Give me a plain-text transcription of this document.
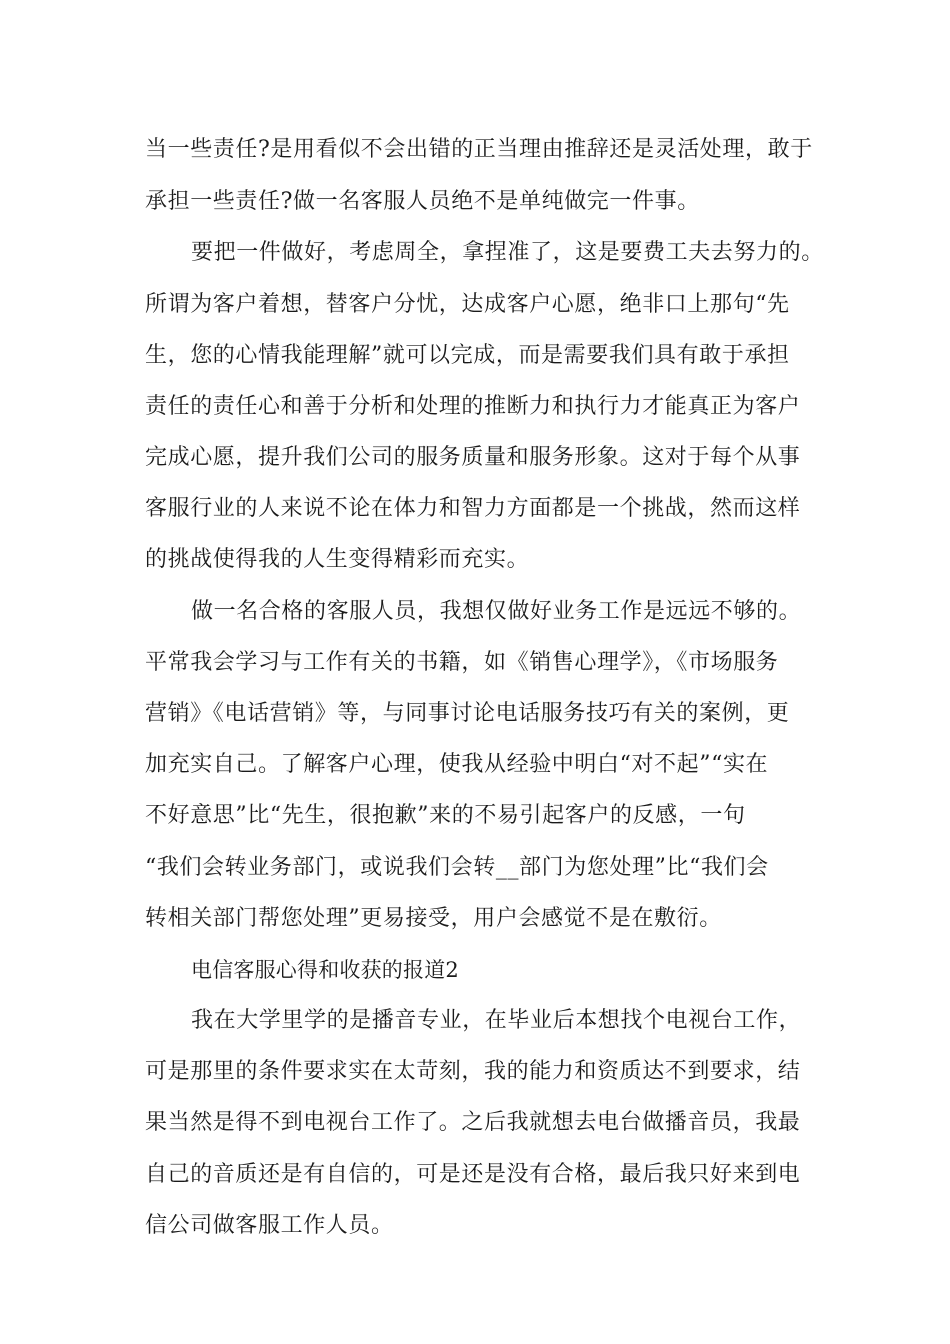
当一些责任?是用看似不会出错的正当理由推辞还是灵活处理，敢于

承担一些责任?做一名客服人员绝不是单纯做完一件事。

要把一件做好，考虑周全，拿捏准了，这是要费工夫去努力的。

所谓为客户着想，替客户分忧，达成客户心愿，绝非口上那句“先

生，您的心情我能理解”就可以完成，而是需要我们具有敢于承担

责任的责任心和善于分析和处理的推断力和执行力才能真正为客户

完成心愿，提升我们公司的服务质量和服务形象。这对于每个从事

客服行业的人来说不论在体力和智力方面都是一个挑战，然而这样

的挑战使得我的人生变得精彩而充实。

做一名合格的客服人员，我想仅做好业务工作是远远不够的。

平常我会学习与工作有关的书籍，如《销售心理学》，《市场服务

营销》《电话营销》等，与同事讨论电话服务技巧有关的案例，更

加充实自己。了解客户心理，使我从经验中明白“对不起”“实在

不好意思”比“先生，很抱歉”来的不易引起客户的反感，一句

“我们会转业务部门，或说我们会转__部门为您处理”比“我们会

转相关部门帮您处理”更易接受，用户会感觉不是在敷衍。

电信客服心得和收获的报道2

我在大学里学的是播音专业，在毕业后本想找个电视台工作，

可是那里的条件要求实在太苛刻，我的能力和资质达不到要求，结

果当然是得不到电视台工作了。之后我就想去电台做播音员，我最

自己的音质还是有自信的，可是还是没有合格，最后我只好来到电

信公司做客服工作人员。
